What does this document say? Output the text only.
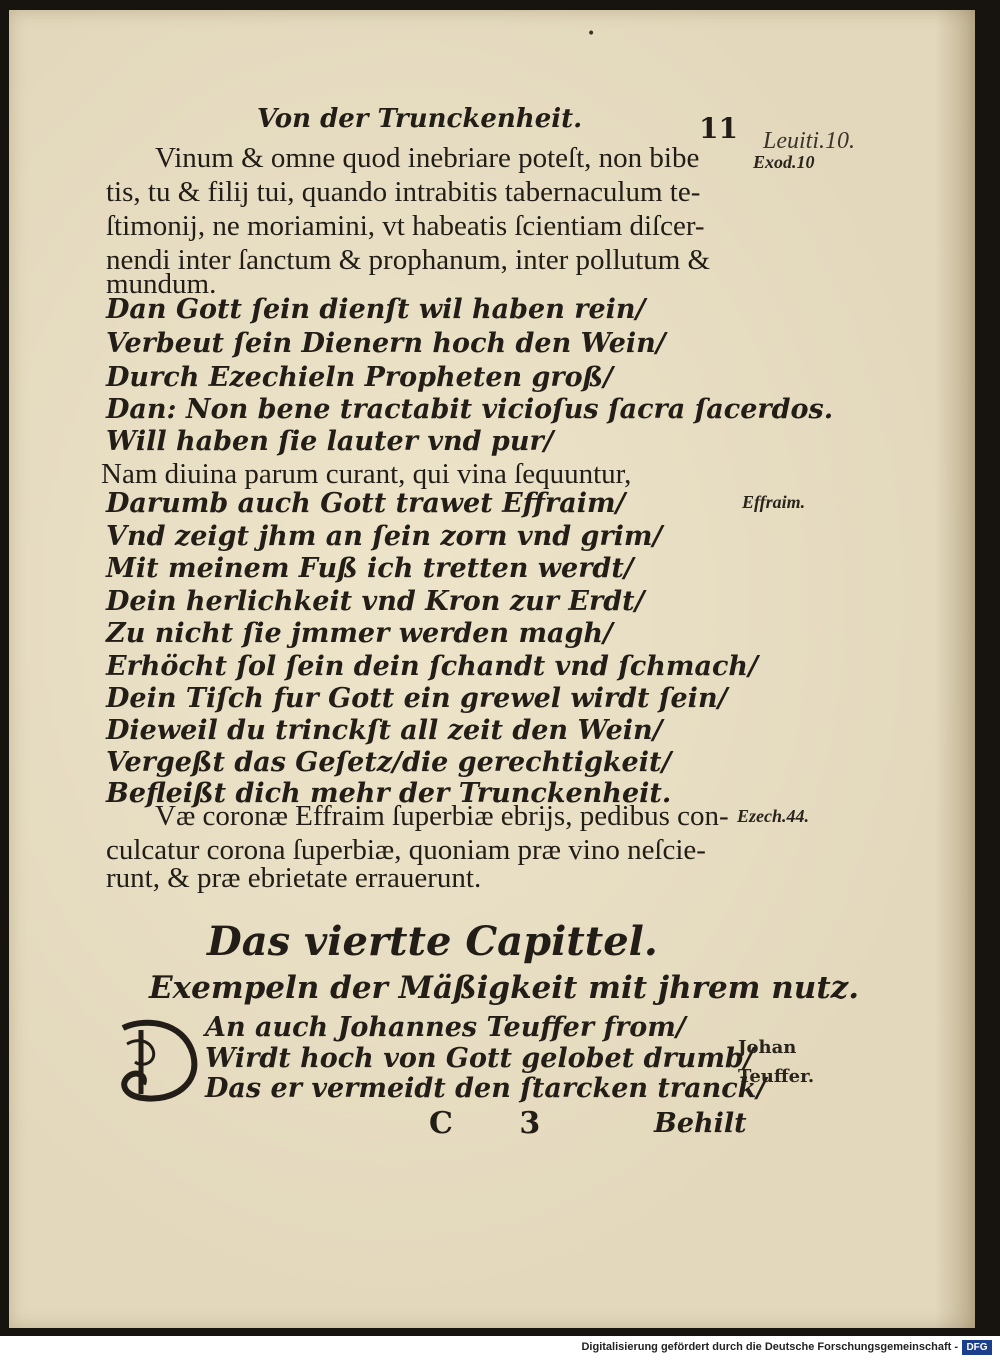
•
Von der Trunckenheit.	11 Leuiti.10.
Exod.10
Vinum & omne quod inebriare poteſt, non bibe
tis, tu & filij tui, quando intrabitis tabernaculum te-
ſtimonij, ne moriamini, vt habeatis ſcientiam diſcer-
nendi inter ſanctum & prophanum, inter pollutum &
mundum.
Dan Gott ſein dienſt wil haben rein/
Verbeut ſein Dienern hoch den Wein/
Durch Ezechieln Propheten groß/
Dan: Non bene tractabit vicioſus ſacra ſacerdos.
Will haben ſie lauter vnd pur/
Nam diuina parum curant, qui vina ſequuntur,
Darumb auch Gott trawet Effraim/
Vnd zeigt jhm an ſein zorn vnd grim/
Mit meinem Fuß ich tretten werdt/
Dein herlichkeit vnd Kron zur Erdt/
Zu nicht ſie jmmer werden magh/
Erhöcht ſol ſein dein ſchandt vnd ſchmach/
Dein Tiſch fur Gott ein grewel wirdt ſein/
Dieweil du trinckſt all zeit den Wein/
Vergeßt das Geſetz/die gerechtigkeit/
Befleißt dich mehr der Trunckenheit.
Væ coronæ Effraim ſuperbiæ ebrijs, pedibus con-
culcatur corona ſuperbiæ, quoniam præ vino neſcie-
runt, & præ ebrietate errauerunt.
Effraim.
Ezech.44.
Johan
Teuffer.
Das viertte Capittel.
Exempeln der Mäßigkeit mit jhrem nutz.
An auch Johannes Teuffer from/
Wirdt hoch von Gott gelobet drumb/
Das er vermeidt den ſtarcken tranck/
C 3	Behilt
Digitalisierung gefördert durch die Deutsche Forschungsgemeinschaft - DFG
